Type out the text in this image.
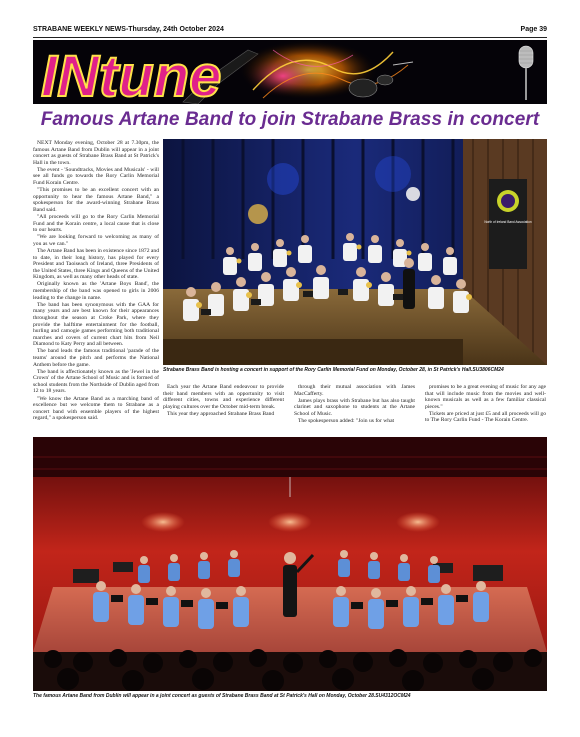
STRABANE WEEKLY NEWS-Thursday, 24th October 2024	Page 39
INtune
Famous Artane Band to join Strabane Brass in concert

NEXT Monday evening, October 28 at 7.30pm, the famous Artane Band from Dublin will appear in a joint concert as guests of Strabane Brass Band at St Patrick's Hall in the town.

The event - 'Soundtracks, Movies and Musicals' - will see all funds go towards the Rory Carlin Memorial Fund Korain Centre.

"This promises to be an excellent concert with an opportunity to hear the famous Artane Band," a spokesperson for the award-winning Strabane Brass Band said.

"All proceeds will go to the Rory Carlin Memorial Fund and the Korain centre, a local cause that is close to our hearts.

"We are looking forward to welcoming as many of you as we can."

The Artane Band has been in existence since 1872 and to date, in their long history, has played for every President and Taoiseach of Ireland, three Presidents of the United States, three Kings and Queens of the United Kingdom, as well as many other heads of state.

Originally known as the 'Artane Boys Band', the membership of the band was opened to girls in 2006 leading to the change in name.

The band has been synonymous with the GAA for many years and are best known for their appearances throughout the season at Croke Park, where they provide the halftime entertainment for the football, hurling and camogie games performing both traditional marches and covers of current chart hits from Neil Diamond to Katy Perry and all between.

The band leads the famous traditional 'parade of the teams' around the pitch and performs the National Anthem before the game.

The band is affectionately known as the 'Jewel in the Crown' of the Artane School of Music and is formed of school students from the Northside of Dublin aged from 12 to 18 years.

"We know the Artane Band as a marching band of excellence but we welcome them to Strabane as a concert band with ensemble players of the highest regard," a spokesperson said.

North of Ireland Band Association
Strabane Brass Band is hosting a concert in support of the Rory Carlin Memorial Fund on Monday, October 28, in St Patrick's Hall.SU3806CM24

Each year the Artane Band endeavour to provide their band members with an opportunity to visit different cities, towns and experience different playing cultures over the October mid-term break.

This year they approached Strabane Brass Band

through their mutual association with James MacCafferty.

James plays brass with Strabane but has also taught clarinet and saxophone to students at the Artane School of Music.

The spokesperson added: "Join us for what

promises to be a great evening of music for any age that will include music from the movies and well-known musicals as well as a few familiar classical pieces."

Tickets are priced at just £5 and all proceeds will go to The Rory Carlin Fund - The Korain Centre.

The famous Artane Band from Dublin will appear in a joint concert as guests of Strabane Brass Band at St Patrick's Hall on Monday, October 28.SU4312OCM24
